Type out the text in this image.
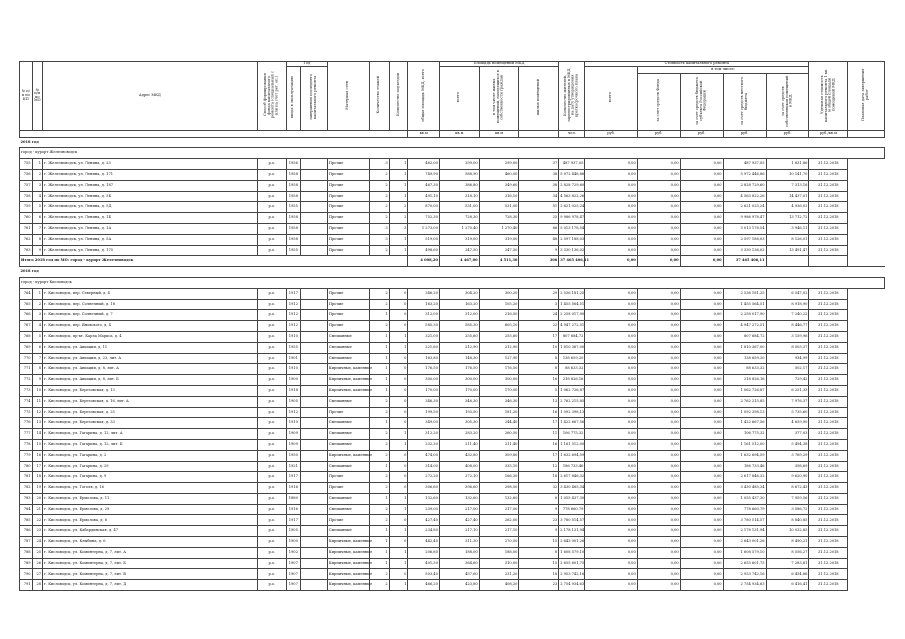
№ п/п по КП	№ п/п по МО	Адрес МКД	Способ формирования фонда капитального ремонта (специальный с или на счет рег. оп.)	Год		Материал стен	Количество этажей	Количество подъездов	общая площадь МКД, всего	Площадь помещений МКД			Количество жителей, зарегистрированных в МКД на дату утверждения краткосрочного плана	Стоимость капитального ремонта					Удельная стоимость капитального ремонта 1 кв. м общей площади помещений МКД	Плановая дата завершения работ
				ввода в эксплуатацию	завершения последнего капитального ремонта					всего	в том числе жилых помещений, находящихся в собственности граждан	жилых помещений		всего	в том числе:					
															за счет средств Фонда	за счет средств бюджета субъекта Российской Федерации	за счет средств местного бюджета	за счет средств собственников помещений в МКД		
									кв.м	кв.м	кв.м		чел.	руб.	руб.	руб.	руб.	руб.	руб./кв.м	
2018 год																				
город - курорт Железноводск																				
755	1	г. Железноводск, ул. Ленина, д. 23	р.о.	1956		Прочие	3	1	462,00	299,00	299,00	37	487 937,05	0,00	0,00	0,00	487 937,05	1 631,86	31.12.2018	
756	2	г. Железноводск, ул. Ленина, д. 171	р.о.	1958		Прочие	2	1	749,90	588,90	460,00	38	5 972 446,86	0,00	0,00	0,00	5 972 446,86	10 141,70	31.12.2018	
757	3	г. Железноводск, ул. Ленина, д. 187	р.о.	1958		Прочие	2	1	467,30	386,80	349,60	38	2 828 729,60	0,00	0,00	0,00	2 828 729,60	7 313,16	31.12.2018	
758	4	г. Железноводск, ул. Ленина, д. 5Б	р.о.	1958		Прочие	2	1	491,10	318,10	316,10	34	4 563 822,26	0,00	0,00	0,00	4 563 822,26	14 437,01	31.12.2018	
759	5	г. Железноводск, ул. Ленина, д. 5Д	р.о.	1955		Прочие	2	2	870,00	531,00	531,00	51	2 621 025,24	0,00	0,00	0,00	2 621 025,24	4 936,02	31.12.2018	
760	6	г. Железноводск, ул. Ленина, д. 1Б	р.о.	1958		Прочие	2	2	752,30	728,30	728,30	25	9 986 978,47	0,00	0,00	0,00	9 986 978,47	13 712,72	31.12.2018	
761	7	г. Железноводск, ул. Ленина, д. 1А	р.о.	1958		Прочие	3	3	1 273,00	1 270,40	1 270,40	86	5 013 178,54	0,00	0,00	0,00	5 013 178,54	3 946,11	31.12.2018	
762	8	г. Железноводск, ул. Ленина, д. 5А	р.о.	1958		Прочие	3	1	519,00	319,00	319,00	48	2 597 188,03	0,00	0,00	0,00	2 597 188,03	8 126,01	31.12.2018	
763	9	г. Железноводск, ул. Ленина, д. 175	р.о.	1955		Прочие	2	1	498,60	247,50	247,50	9	3 330 136,02	0,00	0,00	0,00	3 330 136,02	13 491,47	31.12.2018	
Итого 2018 год по МО: город - курорт Железноводск									4 008,20	4 467,00	4 511,30	306	37 465 406,11	0,00	0,00	0,00	37 465 406,11			
2018 год																				
город - курорт Кисловодск																				
764	1	г. Кисловодск, пер. Северный, д. 4	р.о.	1917		Прочие	2	0	346,20	304,20	300,20	29	2 536 181,25	0,00	0,00	0,00	2 536 181,25	6 547,02	31.12.2018	
765	2	г. Кисловодск, пер. Солнечный, д. 18	р.о.	1912		Прочие	2	0	163,20	163,20	105,20	3	1 455 564,51	0,00	0,00	0,00	1 455 564,51	8 918,90	31.12.2018	
766	3	г. Кисловодск, пер. Солнечный, д. 7	р.о.	1912		Прочие	1	0	312,00	312,00	216,50	24	2 258 017,90	0,00	0,00	0,00	2 258 017,90	7 240,22	31.12.2018	
767	4	г. Кисловодск, пер. Яновского, д. 4	р.о.	1912		Прочие	2	0	585,30	585,30	605,10	22	4 947 272,51	0,00	0,00	0,00	4 947 272,51	8 446,77	31.12.2018	
768	5	г. Кисловодск, пр-кт. Карла Маркса, д. 4	р.о.	1910		Смешанные	1	1	321,00	255,60	255,60	17	807 684,72	0,00	0,00	0,00	807 684,72	3 159,96	31.12.2018	
769	6	г. Кисловодск, ул. Авиации, д. 11	р.о.	1955		Смешанные	1	1	221,60	212,90	212,90	10	1 810 367,00	0,00	0,00	0,00	1 810 367,00	8 503,37	31.12.2018	
770	7	г. Кисловодск, ул. Авиации, д. 23, лит. А	р.о.	1901		Смешанные	1	0	163,80	148,30	127,90	8	138 659,20	0,00	0,00	0,00	138 659,20	934,99	31.12.2018	
771	8	г. Кисловодск, ул. Авиации, д. 8, лит. А	р.о.	1910		Кирпичные, каменные	1	0	176,50	176,50	176,50	8	88 633,32	0,00	0,00	0,00	88 633,32	502,17	31.12.2018	
772	9	г. Кисловодск, ул. Авиации, д. 8, лит. Б	р.о.	1900		Кирпичные, каменные	1	0	300,00	300,00	300,00	16	218 826,16	0,00	0,00	0,00	218 826,16	729,42	31.12.2018	
773	10	г. Кисловодск, ул. Березовская, д. 13	р.о.	1918		Кирпичные, каменные	1	0	170,00	170,00	170,00	5	1 062 726,87	0,00	0,00	0,00	1 062 726,87	6 251,33	31.12.2018	
774	11	г. Кисловодск, ул. Березовская, д. 16, лит. А	р.о.	1905		Смешанные	2	0	346,30	346,30	346,30	13	2 762 215,85	0,00	0,00	0,00	2 762 215,85	7 976,37	31.12.2018	
775	12	г. Кисловодск, ул. Березовская, д. 25	р.о.	1912		Прочие	2	0	199,50	193,50	181,20	16	1 092 398,13	0,00	0,00	0,00	1 092 398,13	5 735,60	31.12.2018	
776	13	г. Кисловодск, ул. Березовская, д. 33	р.о.	1910		Смешанные	1	0	349,00	305,30	244,40	17	1 422 667,56	0,00	0,00	0,00	1 422 667,56	4 659,90	31.12.2018	
777	14	г. Кисловодск, ул. Гагарина, д. 12, лит. А	р.о.	1909		Смешанные	2	1	312,20	283,20	260,50	11	106 775,32	0,00	0,00	0,00	106 775,32	377,03	31.12.2018	
778	15	г. Кисловодск, ул. Гагарина, д. 12, лит. Б	р.о.	1909		Смешанные	2	1	232,30	211,40	211,40	16	1 161 512,00	0,00	0,00	0,00	1 161 512,00	5 494,38	31.12.2018	
779	16	г. Кисловодск, ул. Гагарина, д. 2	р.о.	1950		Кирпичные, каменные	2	0	474,00	432,80	309,80	17	1 632 694,59	0,00	0,00	0,00	1 632 694,59	3 769,29	31.12.2018	
780	17	г. Кисловодск, ул. Гагарина, д. 29	р.о.	1921		Смешанные	1	0	314,00	408,00	335,10	12	186 733,46	0,00	0,00	0,00	186 733,46	398,69	31.12.2018	
781	18	г. Кисловодск, ул. Гагарина, д. 9	р.о.	1917		Прочие	2	0	272,20	272,10	166,30	18	2 617 846,32	0,00	0,00	0,00	2 617 846,32	9 620,90	31.12.2018	
782	19	г. Кисловодск, ул. Гоголя, д. 16	р.о.	1916		Прочие	2	0	306,60	396,60	298,50	32	3 430 485,34	0,00	0,00	0,00	3 430 485,34	8 672,43	31.12.2018	
783	20	г. Кисловодск, ул. Ермолова, д. 11	р.о.	1880		Смешанные	1	1	132,60	132,60	132,60	6	1 055 437,30	0,00	0,00	0,00	1 055 437,30	7 959,56	31.12.2018	
784	21	г. Кисловодск, ул. Ермолова, д. 29	р.о.	1916		Смешанные	2	1	239,00	217,00	217,00	9	778 660,79	0,00	0,00	0,00	778 660,79	3 586,72	31.12.2018	
785	22	г. Кисловодск, ул. Ермолова, д. 6	р.о.	1917		Прочие	2	0	427,40	427,40	262,00	23	3 780 514,57	0,00	0,00	0,00	3 780 514,57	8 840,85	31.12.2018	
786	23	г. Кисловодск, ул. Кабардинская, д. 47	р.о.	1905		Смешанные	1	1	234,80	217,10	217,10	9	2 178 131,94	0,00	0,00	0,00	2 178 131,94	10 032,85	31.12.2018	
787	24	г. Кисловодск, ул. Клыбина, д. 6	р.о.	1900		Кирпичные, каменные	1	0	442,40	311,30	270,50	15	2 643 001,26	0,00	0,00	0,00	2 643 001,26	8 490,21	31.12.2018	
788	25	г. Кисловодск, ул. Коминтерна, д. 7, лит. А	р.о.	1902		Кирпичные, каменные	1	1	206,80	188,00	188,00	8	1 608 579,10	0,00	0,00	0,00	1 608 579,10	8 556,27	31.12.2018	
789	26	г. Кисловодск, ул. Коминтерна, д. 7, лит. Б	р.о.	1907		Кирпичные, каменные	1	1	401,30	364,60	310,00	15	2 655 601,75	0,00	0,00	0,00	2 655 601,75	7 283,61	31.12.2018	
790	27	г. Кисловодск, ул. Коминтерна, д. 7, лит. В	р.о.	1907		Кирпичные, каменные	2	0	503,40	457,60	231,20	18	2 953 742,16	0,00	0,00	0,00	2 953 742,16	6 454,86	31.12.2018	
791	28	г. Кисловодск, ул. Коминтерна, д. 7, лит. Д	р.о.	1907		Кирпичные, каменные	2	1	466,20	423,80	408,20	23	2 754 934,63	0,00	0,00	0,00	2 754 934,63	6 416,41	31.12.2018	
